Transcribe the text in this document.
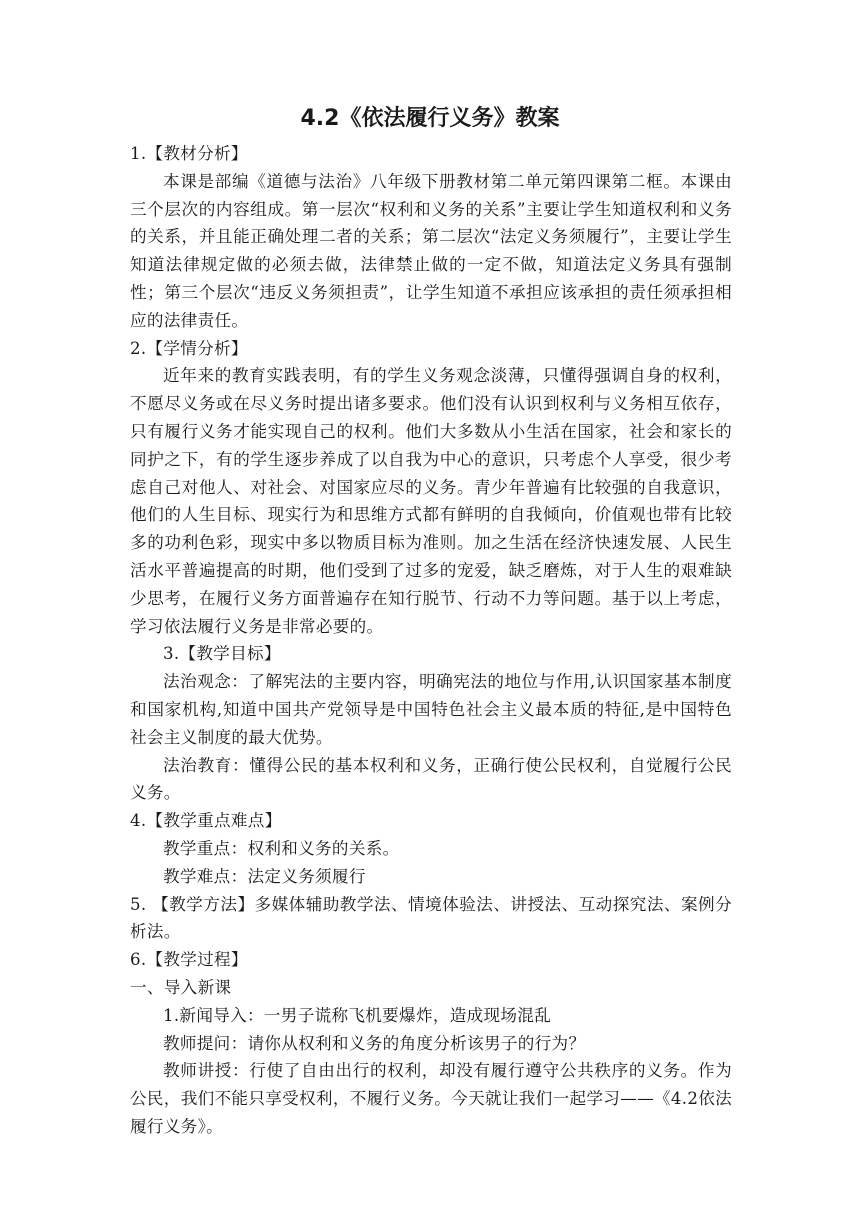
4.2《依法履行义务》教案

1.【教材分析】

本课是部编《道德与法治》八年级下册教材第二单元第四课第二框。本课由三个层次的内容组成。第一层次“权利和义务的关系”主要让学生知道权利和义务的关系，并且能正确处理二者的关系；第二层次“法定义务须履行”，主要让学生知道法律规定做的必须去做，法律禁止做的一定不做，知道法定义务具有强制性；第三个层次“违反义务须担责”，让学生知道不承担应该承担的责任须承担相应的法律责任。

2.【学情分析】

近年来的教育实践表明，有的学生义务观念淡薄，只懂得强调自身的权利，不愿尽义务或在尽义务时提出诸多要求。他们没有认识到权利与义务相互依存，只有履行义务才能实现自己的权利。他们大多数从小生活在国家，社会和家长的同护之下，有的学生逐步养成了以自我为中心的意识，只考虑个人享受，很少考虑自己对他人、对社会、对国家应尽的义务。青少年普遍有比较强的自我意识，他们的人生目标、现实行为和思维方式都有鲜明的自我倾向，价值观也带有比较多的功利色彩，现实中多以物质目标为准则。加之生活在经济快速发展、人民生活水平普遍提高的时期，他们受到了过多的宠爱，缺乏磨炼，对于人生的艰难缺少思考，在履行义务方面普遍存在知行脱节、行动不力等问题。基于以上考虑，学习依法履行义务是非常必要的。

3.【教学目标】

法治观念：了解宪法的主要内容，明确宪法的地位与作用,认识国家基本制度和国家机构,知道中国共产党领导是中国特色社会主义最本质的特征,是中国特色社会主义制度的最大优势。

法治教育：懂得公民的基本权利和义务，正确行使公民权利，自觉履行公民义务。

4.【教学重点难点】

教学重点：权利和义务的关系。

教学难点：法定义务须履行

5. 【教学方法】多媒体辅助教学法、情境体验法、讲授法、互动探究法、案例分析法。

6.【教学过程】

一、导入新课

1.新闻导入：一男子谎称飞机要爆炸，造成现场混乱

教师提问：请你从权利和义务的角度分析该男子的行为？

教师讲授：行使了自由出行的权利，却没有履行遵守公共秩序的义务。作为公民，我们不能只享受权利，不履行义务。今天就让我们一起学习——《4.2依法履行义务》。
